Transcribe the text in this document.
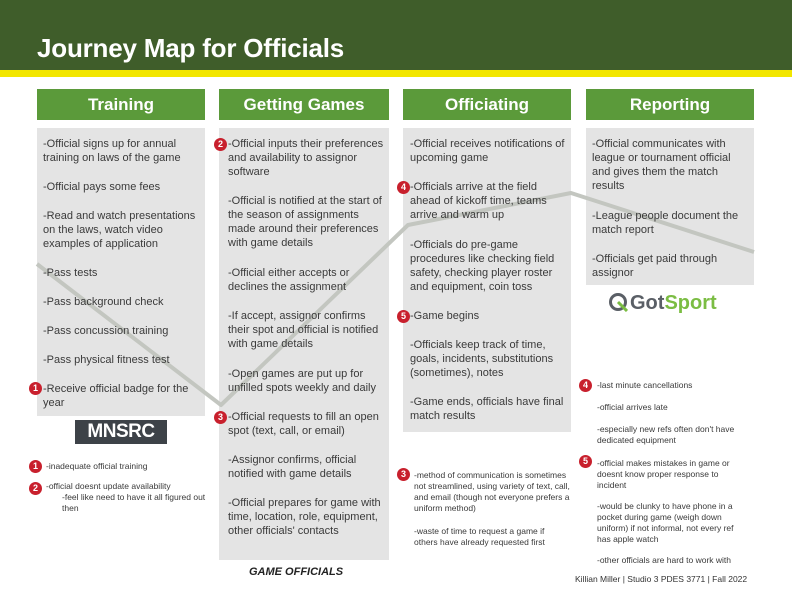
Journey Map for Officials
Training	Getting Games	Officiating	Reporting
-Official signs up for annual training on laws of the game
-Official pays some fees
-Read and watch presentations on the laws, watch video examples of application
-Pass tests
-Pass background check
-Pass concussion training
-Pass physical fitness test
1 -Receive official badge for the year
2 -Official inputs their preferences and availability to assignor software
-Official is notified at the start of the season of assignments made around their preferences with game details
-Official either accepts or declines the assignment
-If accept, assignor confirms their spot and official is notified with game details
-Open games are put up for unfilled spots weekly and daily
3 -Official requests to fill an open spot (text, call, or email)
-Assignor confirms, official notified with game details
-Official prepares for game with time, location, role, equipment, other officials' contacts
-Official receives notifications of upcoming game
4 -Officials arrive at the field ahead of kickoff time, teams arrive and warm up
-Officials do pre-game procedures like checking field safety, checking player roster and equipment, coin toss
5 -Game begins
-Officials keep track of time, goals, incidents, substitutions (sometimes), notes
-Game ends, officials have final match results
-Official communicates with league or tournament official and gives them the match results
-League people document the match report
-Officials get paid through assignor
MNSRC
GotSport
GAME OFFICIALS
1 -inadequate official training
2 -official doesnt update availability
-feel like need to have it all figured out then
3 -method of communication is sometimes not streamlined, using variety of text, call, and email (though not everyone prefers a uniform method)
-waste of time to request a game if others have already requested first
4	-last minute cancellations
-official arrives late
-especially new refs often don't have dedicated equipment
5	-official makes mistakes in game or doesnt know proper response to incident
-would be clunky to have phone in a pocket during game (weigh down uniform) if not informal, not every ref has apple watch
-other officials are hard to work with
Killian Miller | Studio 3 PDES 3771 | Fall 2022
